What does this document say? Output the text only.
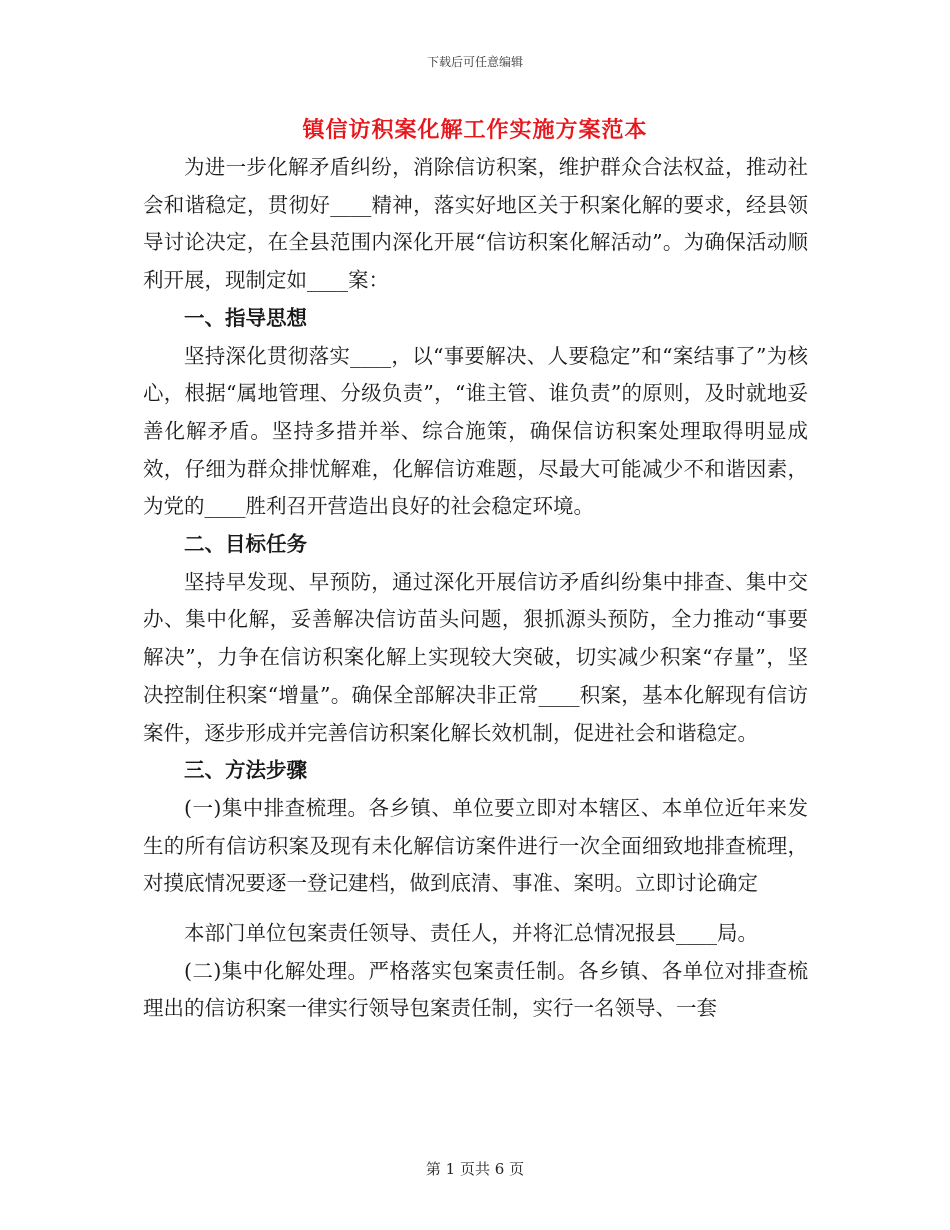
下载后可任意编辑
镇信访积案化解工作实施方案范本

为进一步化解矛盾纠纷，消除信访积案，维护群众合法权益，推动社会和谐稳定，贯彻好____精神，落实好地区关于积案化解的要求，经县领导讨论决定，在全县范围内深化开展“信访积案化解活动”。为确保活动顺利开展，现制定如____案：

一、指导思想

坚持深化贯彻落实____，以“事要解决、人要稳定”和“案结事了”为核心，根据“属地管理、分级负责”，“谁主管、谁负责”的原则，及时就地妥善化解矛盾。坚持多措并举、综合施策，确保信访积案处理取得明显成效，仔细为群众排忧解难，化解信访难题，尽最大可能减少不和谐因素，为党的____胜利召开营造出良好的社会稳定环境。

二、目标任务

坚持早发现、早预防，通过深化开展信访矛盾纠纷集中排查、集中交办、集中化解，妥善解决信访苗头问题，狠抓源头预防，全力推动“事要解决”，力争在信访积案化解上实现较大突破，切实减少积案“存量”，坚决控制住积案“增量”。确保全部解决非正常____积案，基本化解现有信访案件，逐步形成并完善信访积案化解长效机制，促进社会和谐稳定。

三、方法步骤

(一)集中排查梳理。各乡镇、单位要立即对本辖区、本单位近年来发生的所有信访积案及现有未化解信访案件进行一次全面细致地排查梳理，对摸底情况要逐一登记建档，做到底清、事准、案明。立即讨论确定

本部门单位包案责任领导、责任人，并将汇总情况报县____局。

(二)集中化解处理。严格落实包案责任制。各乡镇、各单位对排查梳理出的信访积案一律实行领导包案责任制，实行一名领导、一套

第 1 页共 6 页
